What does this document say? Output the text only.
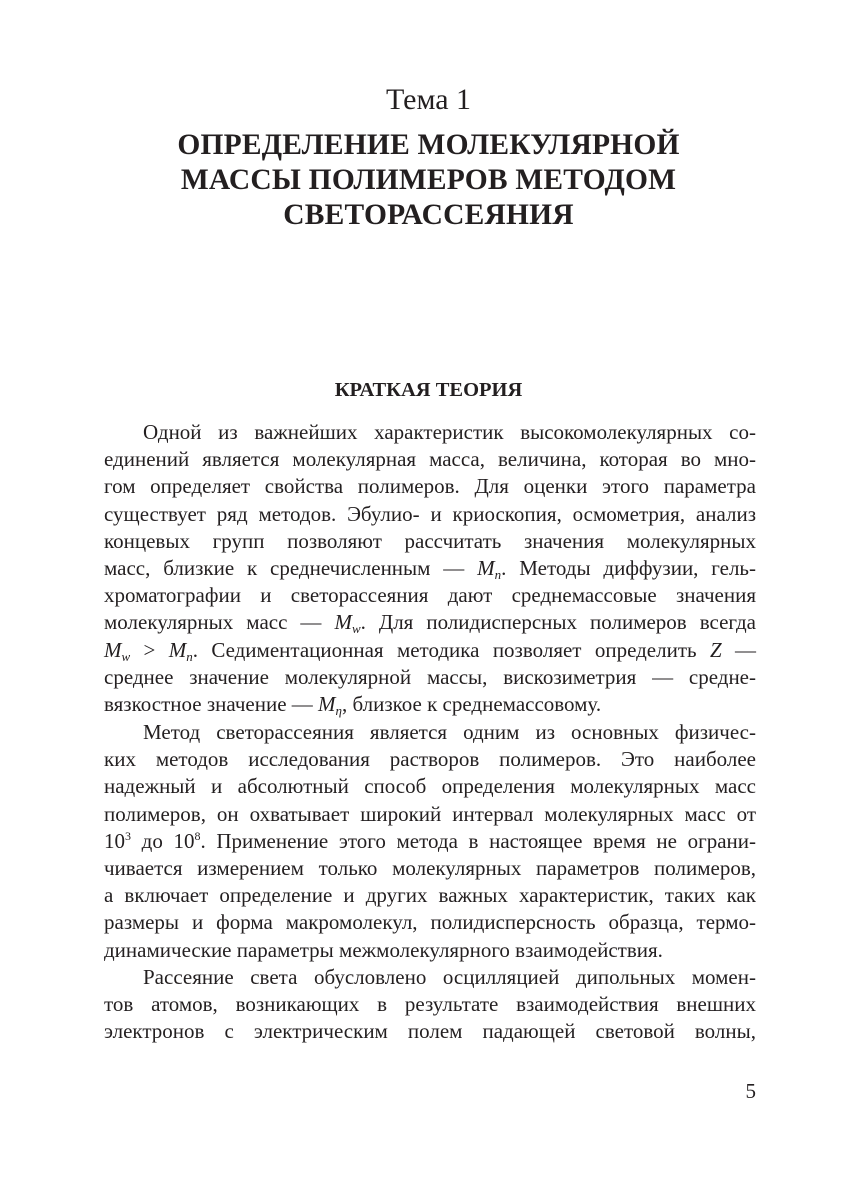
Тема 1
ОПРЕДЕЛЕНИЕ МОЛЕКУЛЯРНОЙ
МАССЫ ПОЛИМЕРОВ МЕТОДОМ
СВЕТОРАССЕЯНИЯ
КРАТКАЯ ТЕОРИЯ
Одной из важнейших характеристик высокомолекулярных со-
единений является молекулярная масса, величина, которая во мно-
гом определяет свойства полимеров. Для оценки этого параметра
существует ряд методов. Эбулио- и криоскопия, осмометрия, анализ
концевых групп позволяют рассчитать значения молекулярных
масс, близкие к среднечисленным — $M_n$. Методы диффузии, гель-
хроматографии и светорассеяния дают среднемассовые значения
молекулярных масс — $M_w$. Для полидисперсных полимеров всегда
$M_w > M_n$. Седиментационная методика позволяет определить Z —
среднее значение молекулярной массы, вискозиметрия — средне-
вязкостное значение — $M_\eta$, близкое к среднемассовому.
Метод светорассеяния является одним из основных физичес-
ких методов исследования растворов полимеров. Это наиболее
надежный и абсолютный способ определения молекулярных масс
полимеров, он охватывает широкий интервал молекулярных масс от
$10^3$ до $10^8$. Применение этого метода в настоящее время не ограни-
чивается измерением только молекулярных параметров полимеров,
а включает определение и других важных характеристик, таких как
размеры и форма макромолекул, полидисперсность образца, термо-
динамические параметры межмолекулярного взаимодействия.
Рассеяние света обусловлено осцилляцией дипольных момен-
тов атомов, возникающих в результате взаимодействия внешних
электронов с электрическим полем падающей световой волны,
5
